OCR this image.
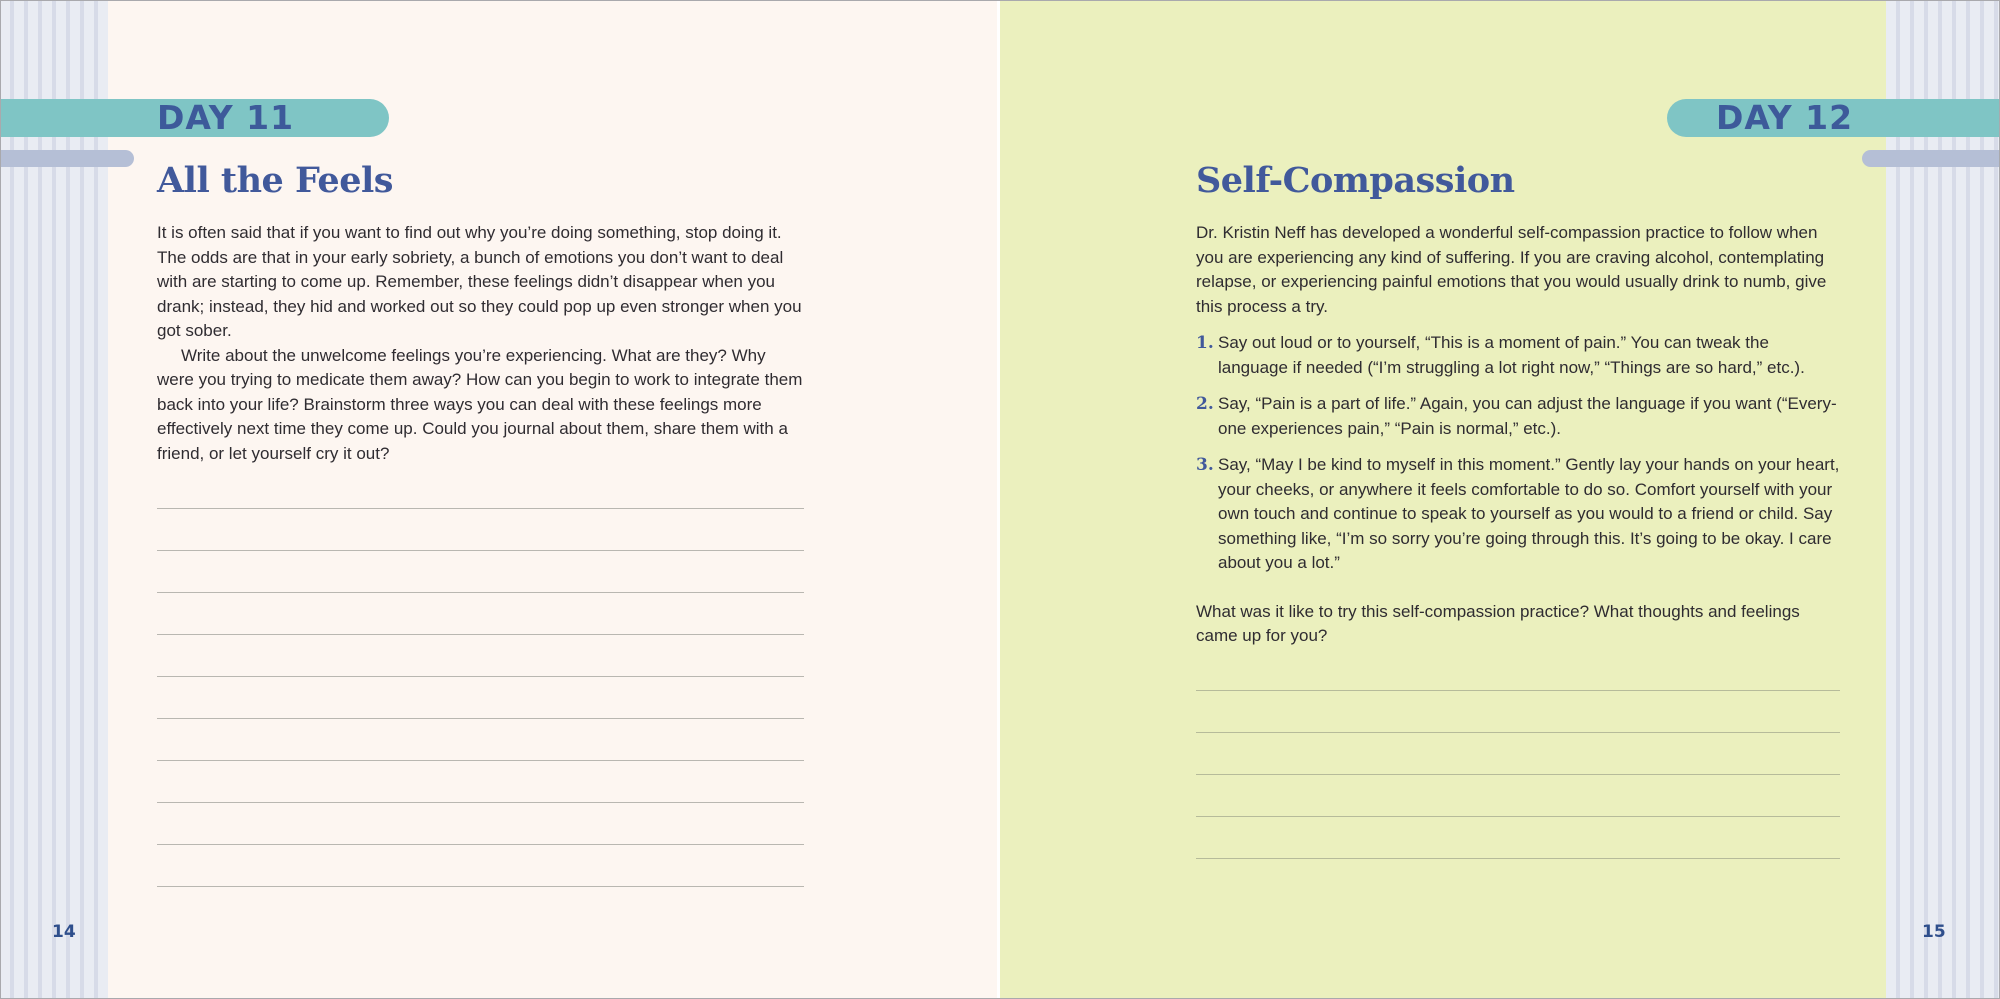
DAY 11
All the Feels

It is often said that if you want to find out why you’re doing something, stop doing it. The odds are that in your early sobriety, a bunch of emotions you don’t want to deal with are starting to come up. Remember, these feelings didn’t disappear when you drank; instead, they hid and worked out so they could pop up even stronger when you got sober.

Write about the unwelcome feelings you’re experiencing. What are they? Why were you trying to medicate them away? How can you begin to work to integrate them back into your life? Brainstorm three ways you can deal with these feelings more effectively next time they come up. Could you journal about them, share them with a friend, or let yourself cry it out?

14
DAY 12
Self-Compassion

Dr. Kristin Neff has developed a wonderful self-compassion practice to follow when you are experiencing any kind of suffering. If you are craving alcohol, contemplating relapse, or experiencing painful emotions that you would usually drink to numb, give this process a try.

1. Say out loud or to yourself, “This is a moment of pain.” You can tweak the language if needed (“I’m struggling a lot right now,” “Things are so hard,” etc.).
2. Say, “Pain is a part of life.” Again, you can adjust the language if you want (“Every-one experiences pain,” “Pain is normal,” etc.).
3. Say, “May I be kind to myself in this moment.” Gently lay your hands on your heart, your cheeks, or anywhere it feels comfortable to do so. Comfort yourself with your own touch and continue to speak to yourself as you would to a friend or child. Say something like, “I’m so sorry you’re going through this. It’s going to be okay. I care about you a lot.”

What was it like to try this self-compassion practice? What thoughts and feelings came up for you?

15
